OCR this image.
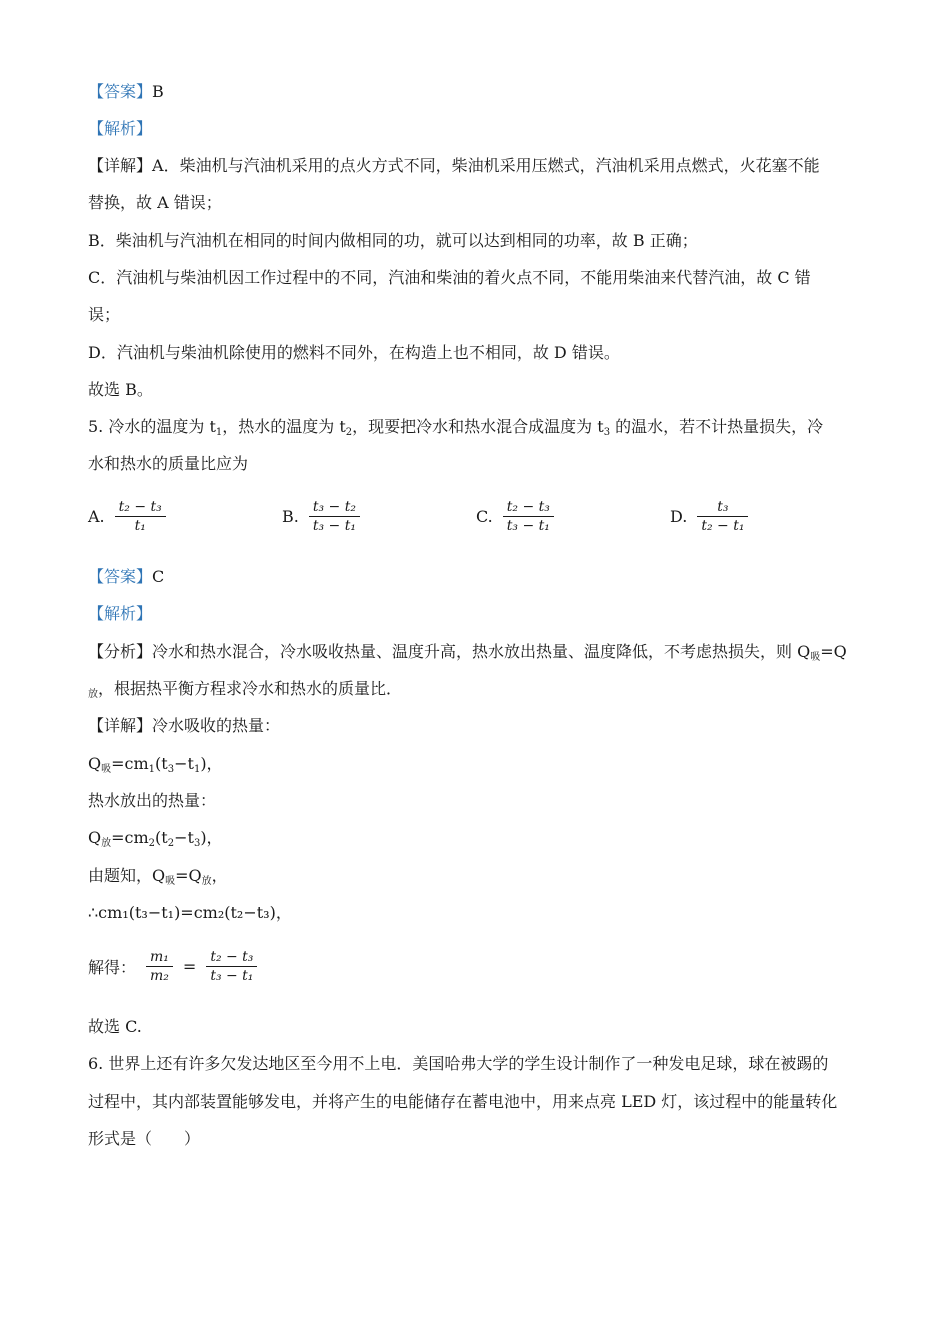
【答案】B
【解析】
【详解】A．柴油机与汽油机采用的点火方式不同，柴油机采用压燃式，汽油机采用点燃式，火花塞不能
替换，故 A 错误；
B．柴油机与汽油机在相同的时间内做相同的功，就可以达到相同的功率，故 B 正确；
C．汽油机与柴油机因工作过程中的不同，汽油和柴油的着火点不同，不能用柴油来代替汽油，故 C 错
误；
D．汽油机与柴油机除使用的燃料不同外，在构造上也不相同，故 D 错误。
故选 B。
5. 冷水的温度为 $t_1$，热水的温度为 $t_2$，现要把冷水和热水混合成温度为 $t_3$ 的温水，若不计热量损失，冷
水和热水的质量比应为
A. $\frac{\text{t₂ − t₃}}{\text{t₁}}$	B. $\frac{\text{t₃ − t₂}}{\text{t₃ − t₁}}$	C. $\frac{\text{t₂ − t₃}}{\text{t₃ − t₁}}$	D. $\frac{\text{t₃}}{\text{t₂ − t₁}}$
【答案】C
【解析】
【分析】冷水和热水混合，冷水吸收热量、温度升高，热水放出热量、温度降低，不考虑热损失，则 $Q_吸=Q$
$_放$，根据热平衡方程求冷水和热水的质量比．
【详解】冷水吸收的热量：
$Q_吸=cm_1(t_3-t_1)$，
热水放出的热量：
$Q_放=cm_2(t_2-t_3)$，
由题知，$Q_吸=Q_放$，
∴cm₁(t₃−t₁)=cm₂(t₂−t₃)，
解得： $\frac{\text{m₁}}{\text{m₂}} = \frac{\text{t₂ − t₃}}{\text{t₃ − t₁}}$
故选 C.
6. 世界上还有许多欠发达地区至今用不上电．美国哈弗大学的学生设计制作了一种发电足球，球在被踢的
过程中，其内部装置能够发电，并将产生的电能储存在蓄电池中，用来点亮 LED 灯，该过程中的能量转化
形式是（　　）
